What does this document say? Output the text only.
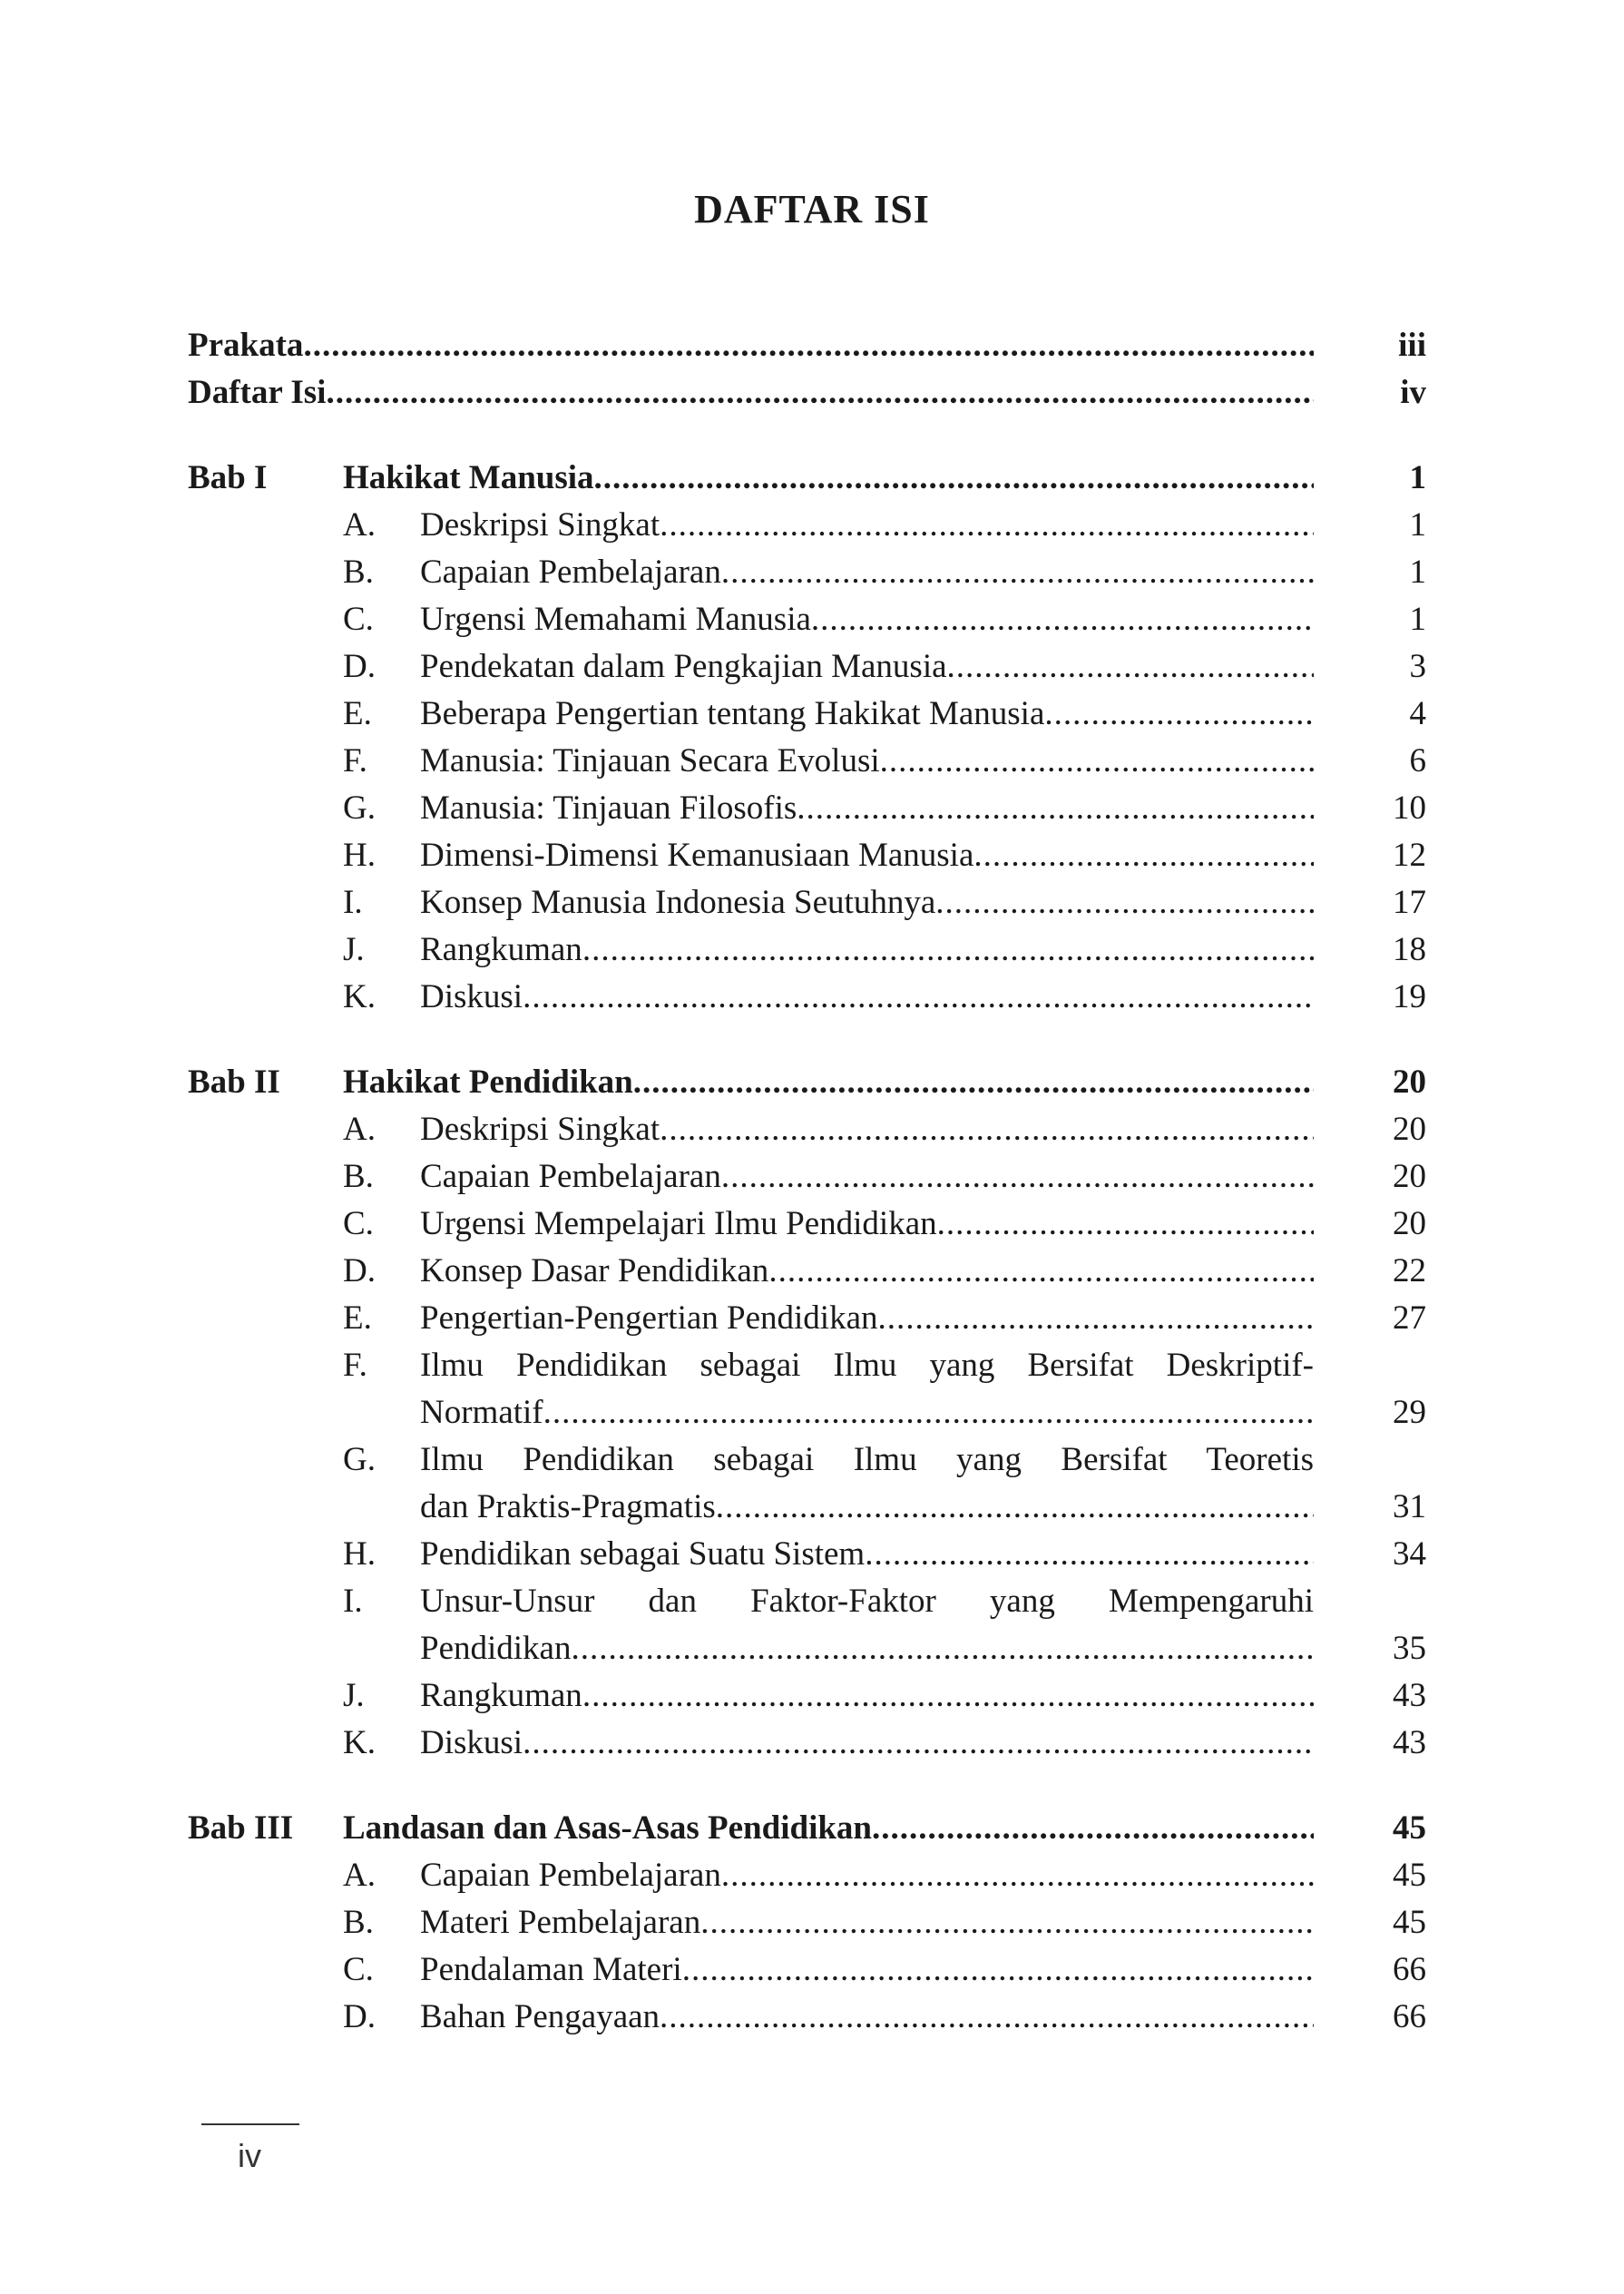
DAFTAR ISI
Prakata .....	iii
Daftar Isi .....	iv
Bab I Hakikat Manusia .....	1
A. Deskripsi Singkat .....	1
B. Capaian Pembelajaran .....	1
C. Urgensi Memahami Manusia .....	1
D. Pendekatan dalam Pengkajian Manusia .....	3
E. Beberapa Pengertian tentang Hakikat Manusia .....	4
F. Manusia: Tinjauan Secara Evolusi .....	6
G. Manusia: Tinjauan Filosofis .....	10
H. Dimensi-Dimensi Kemanusiaan Manusia .....	12
I. Konsep Manusia Indonesia Seutuhnya .....	17
J. Rangkuman .....	18
K. Diskusi .....	19
Bab II Hakikat Pendidikan .....	20
A. Deskripsi Singkat .....	20
B. Capaian Pembelajaran .....	20
C. Urgensi Mempelajari Ilmu Pendidikan .....	20
D. Konsep Dasar Pendidikan .....	22
E. Pengertian-Pengertian Pendidikan .....	27
F. Ilmu Pendidikan sebagai Ilmu yang Bersifat Deskriptif-
Normatif .....	29
G. Ilmu Pendidikan sebagai Ilmu yang Bersifat Teoretis
dan Praktis-Pragmatis .....	31
H. Pendidikan sebagai Suatu Sistem .....	34
I. Unsur-Unsur dan Faktor-Faktor yang Mempengaruhi
Pendidikan .....	35
J. Rangkuman .....	43
K. Diskusi .....	43
Bab III Landasan dan Asas-Asas Pendidikan .....	45
A. Capaian Pembelajaran .....	45
B. Materi Pembelajaran .....	45
C. Pendalaman Materi .....	66
D. Bahan Pengayaan .....	66
iv
